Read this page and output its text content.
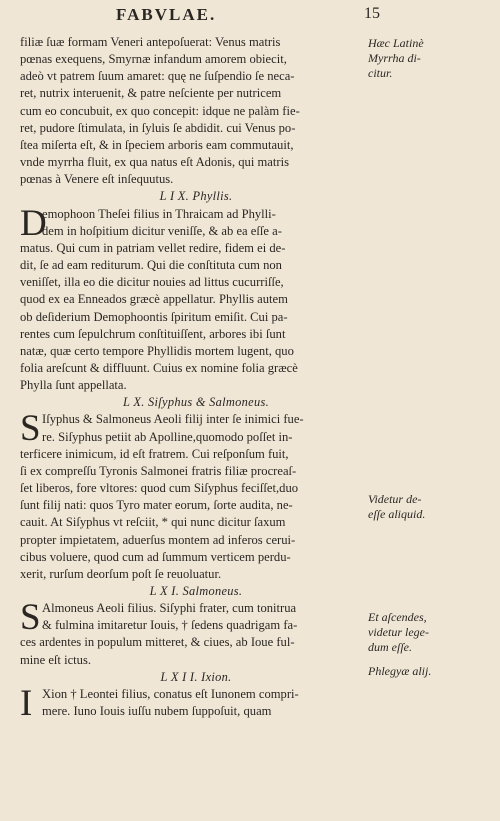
FABVLAE.	15
filiæ ſuæ formam Veneri antepoſuerat: Venus matris
pœnas exequens, Smyrnæ infandum amorem obiecit,
adeò vt patrem ſuum amaret: quę ne ſuſpendio ſe neca-
ret, nutrix interuenit, & patre neſciente per nutricem
cum eo concubuit, ex quo concepit: idque ne palàm fie-
ret, pudore ſtimulata, in ſyluis ſe abdidit. cui Venus po-
ſtea miſerta eſt, & in ſpeciem arboris eam commutauit,
vnde myrrha fluit, ex qua natus eſt Adonis, qui matris
pœnas à Venere eſt inſequutus.
L I X. Phyllis.
D
emophoon Theſei filius in Thraicam ad Phylli-
dem in hoſpitium dicitur veniſſe, & ab ea eſſe a-
matus. Qui cum in patriam vellet redire, fidem ei de-
dit, ſe ad eam rediturum. Qui die conſtituta cum non
veniſſet, illa eo die dicitur nouies ad littus cucurriſſe,
quod ex ea Enneados græcè appellatur. Phyllis autem
ob deſiderium Demophoontis ſpiritum emiſit. Cui pa-
rentes cum ſepulchrum conſtituiſſent, arbores ibi ſunt
natæ, quæ certo tempore Phyllidis mortem lugent, quo
folia areſcunt & diffluunt. Cuius ex nomine folia græcè
Phylla ſunt appellata.
L X. Siſyphus & Salmoneus.
S Iſyphus & Salmoneus Aeoli filij inter ſe inimici fue-
re. Siſyphus petiit ab Apolline,quomodo poſſet in-
terficere inimicum, id eſt fratrem. Cui reſponſum fuit,
ſi ex compreſſu Tyronis Salmonei fratris filiæ procreaſ-
ſet liberos, fore vltores: quod cum Siſyphus feciſſet,duo
ſunt filij nati: quos Tyro mater eorum, ſorte audita, ne-
cauit. At Siſyphus vt reſciit, * qui nunc dicitur ſaxum
propter impietatem, aduerſus montem ad inferos cerui-
cibus voluere, quod cum ad ſummum verticem perdu-
xerit, rurſum deorſum poſt ſe reuoluatur.
L X I. Salmoneus.
S Almoneus Aeoli filius. Siſyphi frater, cum tonitrua
& fulmina imitaretur Iouis, † ſedens quadrigam fa-
ces ardentes in populum mitteret, & ciues, ab Ioue ful-
mine eſt ictus.
L X I I. Ixion.
I Xion † Leontei filius, conatus eſt Iunonem compri-
mere. Iuno Iouis iuſſu nubem ſuppoſuit, quam
Hæc Latinè
Myrrha di-
citur.
Videtur de-
eſſe aliquid.
Et aſcendes,
videtur lege-
dum eſſe.
Phlegyæ alij.
